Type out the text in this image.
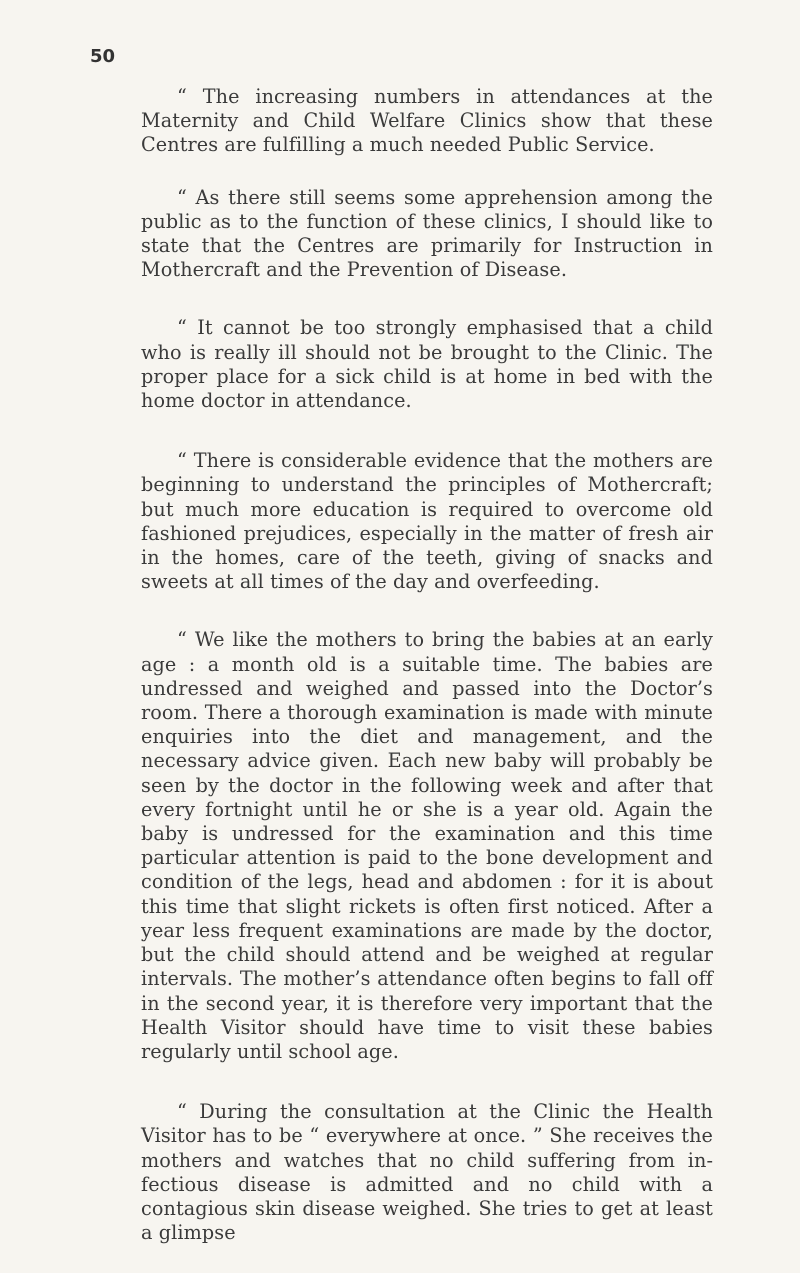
50

“ The increasing numbers in attendances at the Maternity and Child Welfare Clinics show that these Centres are fulfilling a much needed Public Service.

“ As there still seems some apprehension among the public as to the function of these clinics, I should like to state that the Centres are primarily for Instruction in Mothercraft and the Prevention of Disease.

“ It cannot be too strongly emphasised that a child who is really ill should not be brought to the Clinic. The proper place for a sick child is at home in bed with the home doctor in attendance.

“ There is considerable evidence that the mothers are beginning to understand the principles of Mothercraft; but much more education is required to overcome old fashioned prejudices, especially in the matter of fresh air in the homes, care of the teeth, giving of snacks and sweets at all times of the day and overfeeding.

“ We like the mothers to bring the babies at an early age : a month old is a suitable time. The babies are undressed and weighed and passed into the Doctor’s room. There a thorough examination is made with minute enquiries into the diet and management, and the necessary advice given. Each new baby will probably be seen by the doctor in the following week and after that every fortnight until he or she is a year old. Again the baby is undressed for the examination and this time particular attention is paid to the bone development and condition of the legs, head and abdomen : for it is about this time that slight rickets is often first noticed. After a year less frequent examinations are made by the doctor, but the child should attend and be weighed at regular intervals. The mother’s attendance often begins to fall off in the second year, it is therefore very important that the Health Visitor should have time to visit these babies regularly until school age.

“ During the consultation at the Clinic the Health Visitor has to be “ everywhere at once. ” She receives the mothers and watches that no child suffering from infectious disease is admitted and no child with a contagious skin disease weighed. She tries to get at least a glimpse
